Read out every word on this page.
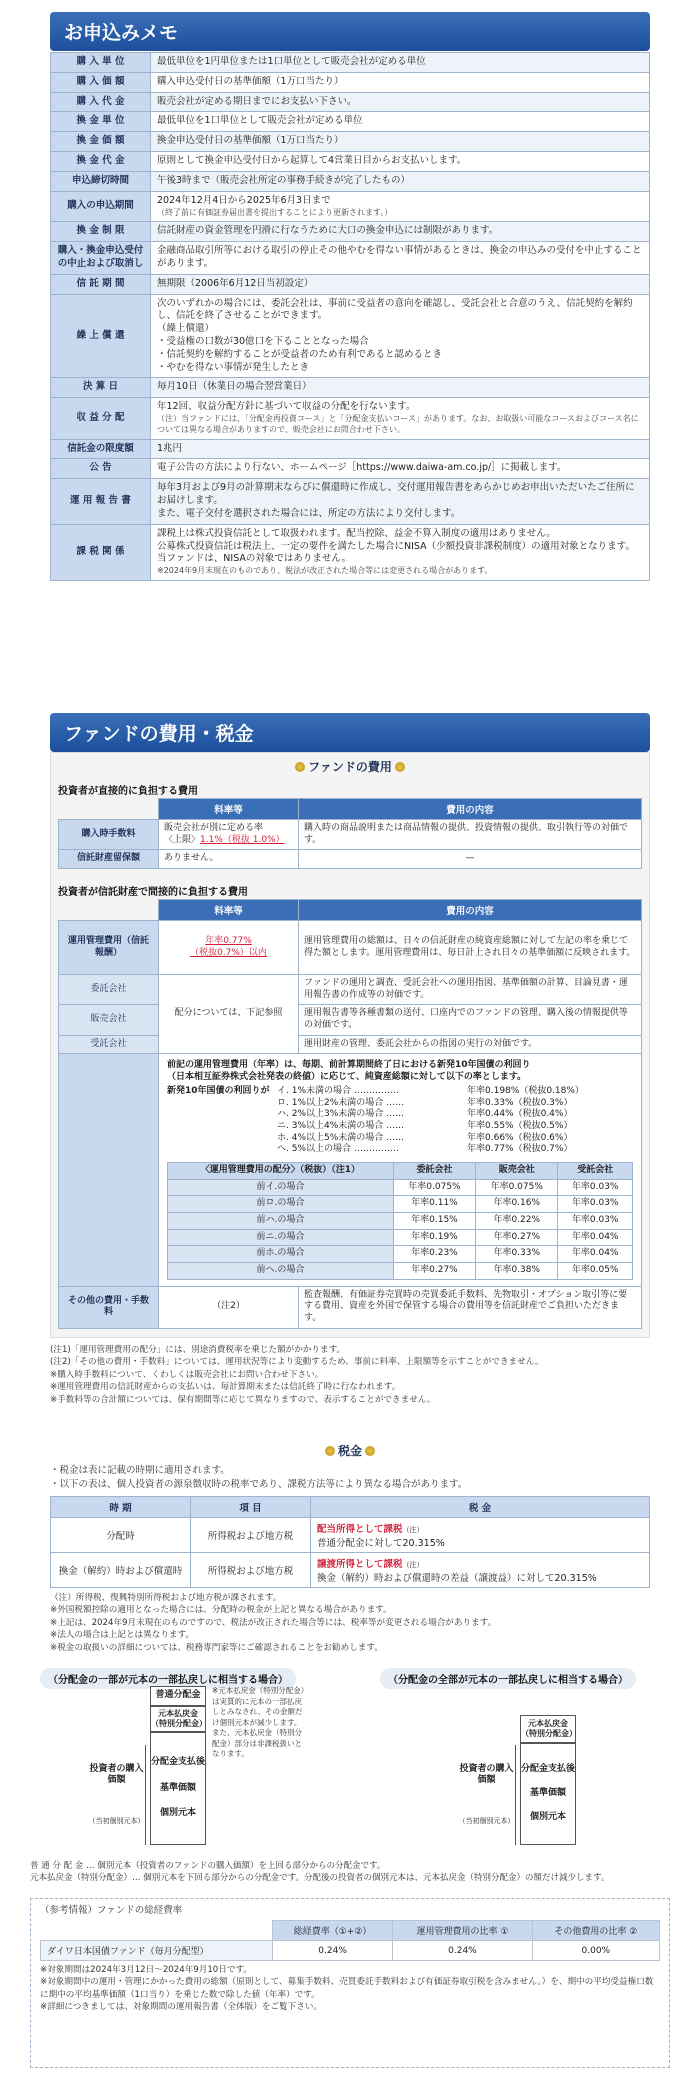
お申込みメモ
購 入 単 位	最低単位を1円単位または1口単位として販売会社が定める単位

購 入 価 額	購入申込受付日の基準価額（1万口当たり）

購 入 代 金	販売会社が定める期日までにお支払い下さい。

換 金 単 位	最低単位を1口単位として販売会社が定める単位

換 金 価 額	換金申込受付日の基準価額（1万口当たり）

換 金 代 金	原則として換金申込受付日から起算して4営業日目からお支払いします。

申込締切時間	午後3時まで（販売会社所定の事務手続きが完了したもの）

購入の申込期間	2024年12月4日から2025年6月3日まで
（終了前に有価証券届出書を提出することにより更新されます。）

換 金 制 限	信託財産の資金管理を円滑に行なうために大口の換金申込には制限があります。

購入・換金申込受付の中止および取消し	金融商品取引所等における取引の停止その他やむを得ない事情があるときは、換金の申込みの受付を中止することがあります。

信 託 期 間	無期限（2006年6月12日当初設定）

繰 上 償 還	次のいずれかの場合には、委託会社は、事前に受益者の意向を確認し、受託会社と合意のうえ、信託契約を解約し、信託を終了させることができます。
（繰上償還）
・受益権の口数が30億口を下ることとなった場合
・信託契約を解約することが受益者のため有利であると認めるとき
・やむを得ない事情が発生したとき

決 算 日	毎月10日（休業日の場合翌営業日）

収 益 分 配	年12回、収益分配方針に基づいて収益の分配を行ないます。
（注）当ファンドには、「分配金再投資コース」と「分配金支払いコース」があります。なお、お取扱い可能なコースおよびコース名については異なる場合がありますので、販売会社にお問合わせ下さい。

信託金の限度額	1兆円

公 告	電子公告の方法により行ない、ホームページ［https://www.daiwa-am.co.jp/］に掲載します。

運 用 報 告 書	毎年3月および9月の計算期末ならびに償還時に作成し、交付運用報告書をあらかじめお申出いただいたご住所にお届けします。
また、電子交付を選択された場合には、所定の方法により交付します。

課 税 関 係	課税上は株式投資信託として取扱われます。配当控除、益金不算入制度の適用はありません。
公募株式投資信託は税法上、一定の要件を満たした場合にNISA（少額投資非課税制度）の適用対象となります。
当ファンドは、NISAの対象ではありません。
※2024年9月末現在のものであり、税法が改正された場合等には変更される場合があります。
ファンドの費用・税金
ファンドの費用
投資者が直接的に負担する費用
	料率等	費用の内容
購入時手数料	販売会社が別に定める率
〈上限〉1.1%（税抜 1.0%）	購入時の商品説明または商品情報の提供、投資情報の提供、取引執行等の対価です。
信託財産留保額	ありません。	—
投資者が信託財産で間接的に負担する費用
	料率等	費用の内容
運用管理費用（信託報酬）	年率0.77%
（税抜0.7%）以内	運用管理費用の総額は、日々の信託財産の純資産総額に対して左記の率を乗じて得た額とします。運用管理費用は、毎日計上され日々の基準価額に反映されます。
委託会社	配分については、下記参照	ファンドの運用と調査、受託会社への運用指図、基準価額の計算、目論見書・運用報告書の作成等の対価です。
販売会社	運用報告書等各種書類の送付、口座内でのファンドの管理、購入後の情報提供等の対価です。
受託会社	運用財産の管理、委託会社からの指図の実行の対価です。

前記の運用管理費用（年率）は、毎期、前計算期間終了日における新発10年国債の利回り
（日本相互証券株式会社発表の終値）に応じて、純資産総額に対して以下の率とします。
新発10年国債の利回りが イ. 1%未満の場合 ……………	年率0.198%（税抜0.18%）
ロ. 1%以上2%未満の場合 ……	年率0.33%（税抜0.3%）
ハ. 2%以上3%未満の場合 ……	年率0.44%（税抜0.4%）
ニ. 3%以上4%未満の場合 ……	年率0.55%（税抜0.5%）
ホ. 4%以上5%未満の場合 ……	年率0.66%（税抜0.6%）
ヘ. 5%以上の場合 ……………	年率0.77%（税抜0.7%）
〈運用管理費用の配分〉（税抜）（注1）	委託会社	販売会社	受託会社
前イ.の場合	年率0.075%	年率0.075%	年率0.03%
前ロ.の場合	年率0.11%	年率0.16%	年率0.03%
前ハ.の場合	年率0.15%	年率0.22%	年率0.03%
前ニ.の場合	年率0.19%	年率0.27%	年率0.04%
前ホ.の場合	年率0.23%	年率0.33%	年率0.04%
前ヘ.の場合	年率0.27%	年率0.38%	年率0.05%

その他の費用・手数料	（注2）	監査報酬、有価証券売買時の売買委託手数料、先物取引・オプション取引等に要する費用、資産を外国で保管する場合の費用等を信託財産でご負担いただきます。
(注1)「運用管理費用の配分」には、別途消費税率を乗じた額がかかります。
(注2)「その他の費用・手数料」については、運用状況等により変動するため、事前に料率、上限額等を示すことができません。
※購入時手数料について、くわしくは販売会社にお問い合わせ下さい。
※運用管理費用の信託財産からの支払いは、毎計算期末または信託終了時に行なわれます。
※手数料等の合計額については、保有期間等に応じて異なりますので、表示することができません。
税金
・税金は表に記載の時期に適用されます。
・以下の表は、個人投資者の源泉徴収時の税率であり、課税方法等により異なる場合があります。
時 期	項 目	税 金
分配時	所得税および地方税	配当所得として課税（注）
普通分配金に対して20.315%
換金（解約）時および償還時	所得税および地方税	譲渡所得として課税（注）
換金（解約）時および償還時の差益（譲渡益）に対して20.315%
（注）所得税、復興特別所得税および地方税が課されます。
※外国税額控除の適用となった場合には、分配時の税金が上記と異なる場合があります。
※上記は、2024年9月末現在のものですので、税法が改正された場合等には、税率等が変更される場合があります。
※法人の場合は上記とは異なります。
※税金の取扱いの詳細については、税務専門家等にご確認されることをお勧めします。
（分配金の一部が元本の一部払戻しに相当する場合）	（分配金の全部が元本の一部払戻しに相当する場合）
投資者の購入価額
（当初個別元本）
普通分配金
元本払戻金（特別分配金）
分配金支払後
基準価額
個別元本
※元本払戻金（特別分配金）は実質的に元本の一部払戻しとみなされ、その金額だけ個別元本が減少します。また、元本払戻金（特別分配金）部分は非課税扱いとなります。
投資者の購入価額
（当初個別元本）
元本払戻金（特別分配金）
分配金支払後
基準価額
個別元本
普 通 分 配 金 … 個別元本（投資者のファンドの購入価額）を上回る部分からの分配金です。
元本払戻金（特別分配金）… 個別元本を下回る部分からの分配金です。分配後の投資者の個別元本は、元本払戻金（特別分配金）の額だけ減少します。
（参考情報）ファンドの総経費率
	総経費率（①+②）	運用管理費用の比率 ①	その他費用の比率 ②
ダイワ日本国債ファンド（毎月分配型）	0.24%	0.24%	0.00%
※対象期間は2024年3月12日～2024年9月10日です。
※対象期間中の運用・管理にかかった費用の総額（原則として、募集手数料、売買委託手数料および有価証券取引税を含みません。）を、期中の平均受益権口数に期中の平均基準価額（1口当り）を乗じた数で除した値（年率）です。
※詳細につきましては、対象期間の運用報告書（全体版）をご覧下さい。
